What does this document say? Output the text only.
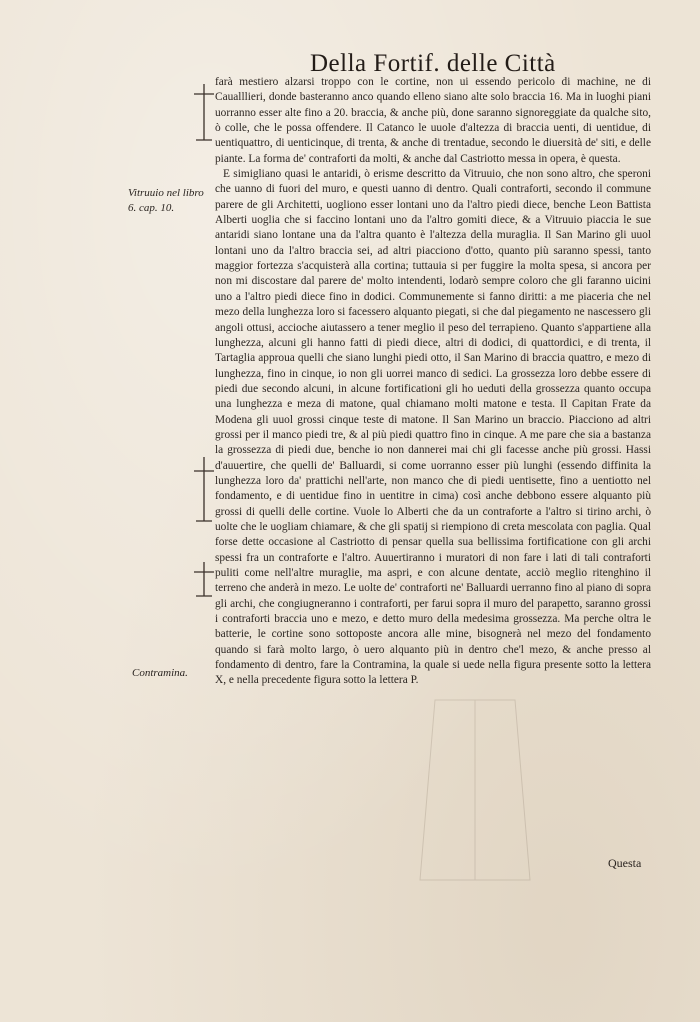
Della Fortif. delle Città
Vitruuio nel libro 6. cap. 10.
Contramina.

farà mestiero alzarsi troppo con le cortine, non ui essendo pericolo di machine, ne di Caualllieri, donde basteranno anco quando elleno siano alte solo braccia 16. Ma in luoghi piani uorranno esser alte fino a 20. braccia, & anche più, done saranno signoreggiate da qualche sito, ò colle, che le possa offendere. Il Catanco le uuole d'altezza di braccia uenti, di uentidue, di uentiquattro, di uenticinque, di trenta, & anche di trentadue, secondo le diuersità de' siti, e delle piante. La forma de' contraforti da molti, & anche dal Castriotto messa in opera, è questa.

E simigliano quasi le antaridi, ò erisme descritto da Vitruuio, che non sono altro, che speroni che uanno di fuori del muro, e questi uanno di dentro. Quali contraforti, secondo il commune parere de gli Architetti, uogliono esser lontani uno da l'altro piedi diece, benche Leon Battista Alberti uoglia che si faccino lontani uno da l'altro gomiti diece, & a Vitruuio piaccia le sue antaridi siano lontane una da l'altra quanto è l'altezza della muraglia. Il San Marino gli uuol lontani uno da l'altro braccia sei, ad altri piacciono d'otto, quanto più saranno spessi, tanto maggior fortezza s'acquisterà alla cortina; tuttauia si per fuggire la molta spesa, si ancora per non mi discostare dal parere de' molto intendenti, lodarò sempre coloro che gli faranno uicini uno a l'altro piedi diece fino in dodici. Communemente si fanno diritti: a me piaceria che nel mezo della lunghezza loro si facessero alquanto piegati, si che dal piegamento ne nascessero gli angoli ottusi, accioche aiutassero a tener meglio il peso del terrapieno. Quanto s'appartiene alla lunghezza, alcuni gli hanno fatti di piedi diece, altri di dodici, di quattordici, e di trenta, il Tartaglia approua quelli che siano lunghi piedi otto, il San Marino di braccia quattro, e mezo di lunghezza, fino in cinque, io non gli uorrei manco di sedici. La grossezza loro debbe essere di piedi due secondo alcuni, in alcune fortificationi gli ho ueduti della grossezza quanto occupa una lunghezza e meza di matone, qual chiamano molti matone e testa. Il Capitan Frate da Modena gli uuol grossi cinque teste di matone. Il San Marino un braccio. Piacciono ad altri grossi per il manco piedi tre, & al più piedi quattro fino in cinque. A me pare che sia a bastanza la grossezza di piedi due, benche io non dannerei mai chi gli facesse anche più grossi. Hassi d'auuertire, che quelli de' Balluardi, si come uorranno esser più lunghi (essendo diffinita la lunghezza loro da' prattichi nell'arte, non manco che di piedi uentisette, fino a uentiotto nel fondamento, e di uentidue fino in uentitre in cima) così anche debbono essere alquanto più grossi di quelli delle cortine. Vuole lo Alberti che da un contraforte a l'altro si tirino archi, ò uolte che le uogliam chiamare, & che gli spatij si riempiono di creta mescolata con paglia. Qual forse dette occasione al Castriotto di pensar quella sua bellissima fortificatione con gli archi spessi fra un contraforte e l'altro. Auuertiranno i muratori di non fare i lati di tali contraforti puliti come nell'altre muraglie, ma aspri, e con alcune dentate, acciò meglio ritenghino il terreno che anderà in mezo. Le uolte de' contraforti ne' Balluardi uerranno fino al piano di sopra gli archi, che congiugneranno i contraforti, per farui sopra il muro del parapetto, saranno grossi i contraforti braccia uno e mezo, e detto muro della medesima grossezza. Ma perche oltra le batterie, le cortine sono sottoposte ancora alle mine, bisognerà nel mezo del fondamento quando si farà molto largo, ò uero alquanto più in dentro che'l mezo, & anche presso al fondamento di dentro, fare la Contramina, la quale si uede nella figura presente sotto la lettera X, e nella precedente figura sotto la lettera P.

Questa
